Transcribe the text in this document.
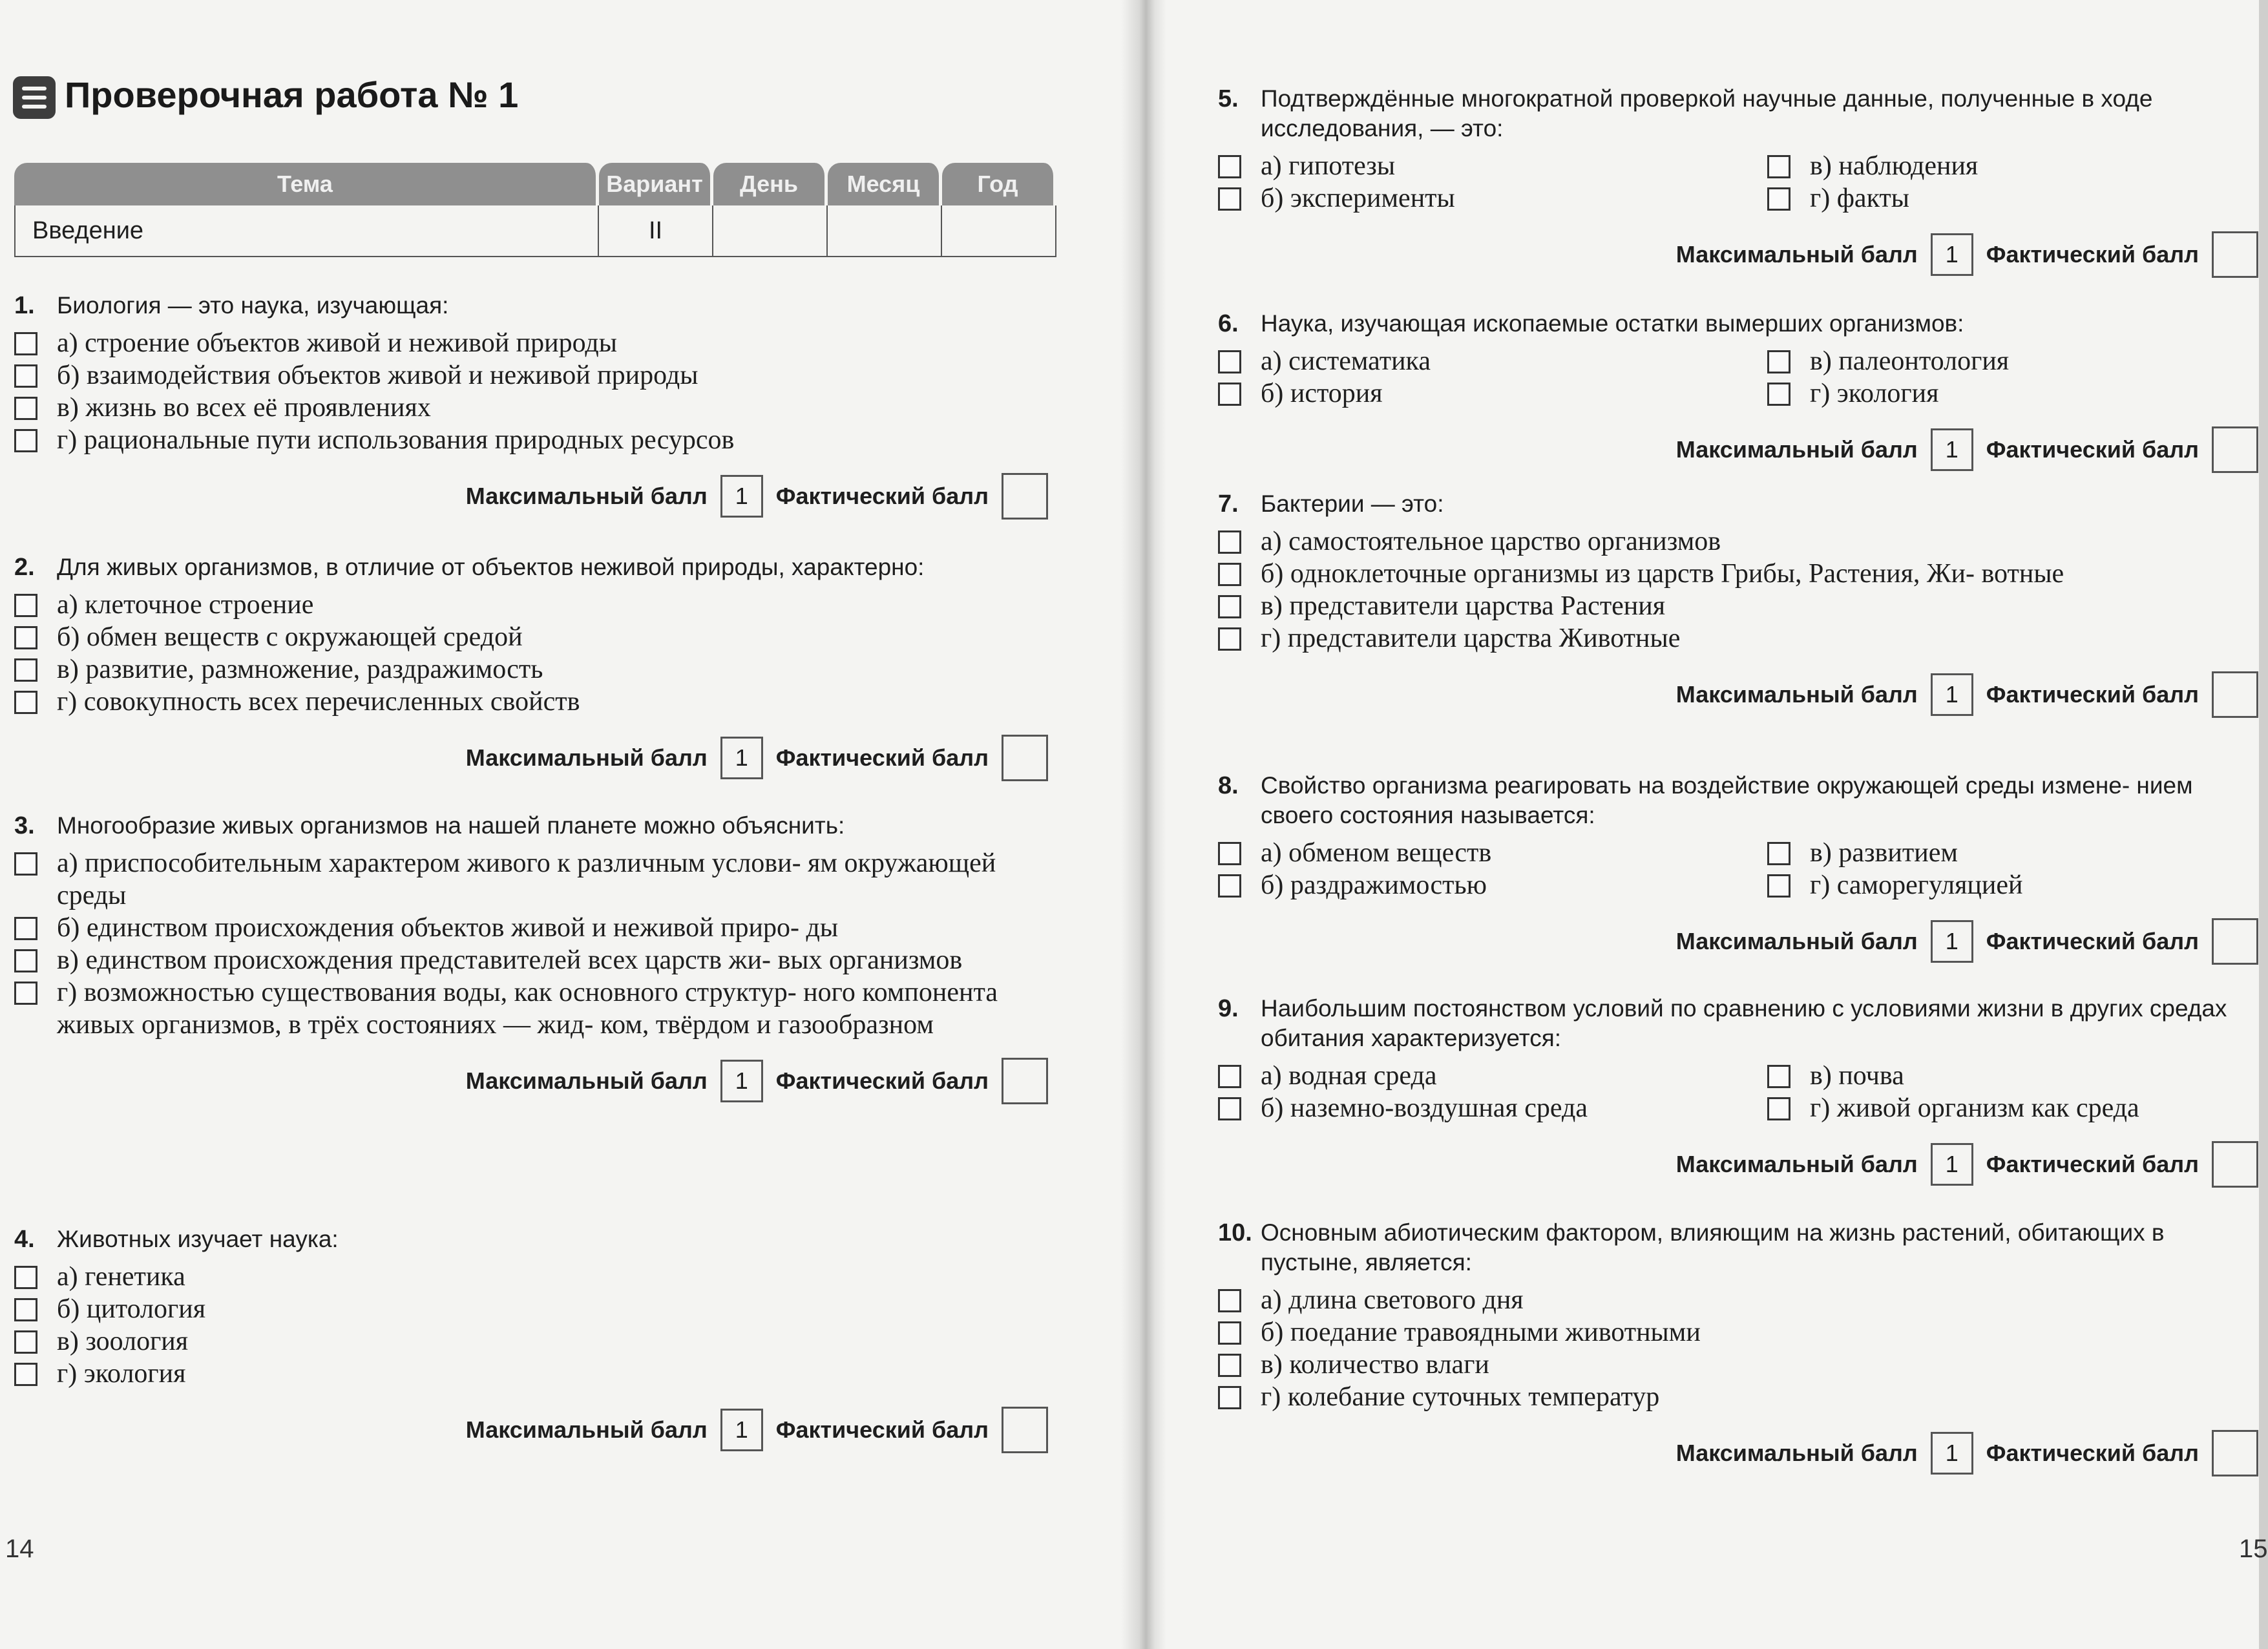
Проверочная работа № 1
Тема	Вариант	День	Месяц	Год
Введение	II			
1. Биология — это наука, изучающая:
а) строение объектов живой и неживой природы
б) взаимодействия объектов живой и неживой природы
в) жизнь во всех её проявлениях
г) рациональные пути использования природных ресурсов
Максимальный балл	1	Фактический балл
2. Для живых организмов, в отличие от объектов неживой природы, характерно:
а) клеточное строение
б) обмен веществ с окружающей средой
в) развитие, размножение, раздражимость
г) совокупность всех перечисленных свойств
Максимальный балл	1	Фактический балл
3. Многообразие живых организмов на нашей планете можно объяснить:
а) приспособительным характером живого к различным услови- ям окружающей среды
б) единством происхождения объектов живой и неживой приро- ды
в) единством происхождения представителей всех царств жи- вых организмов
г) возможностью существования воды, как основного структур- ного компонента живых организмов, в трёх состояниях — жид- ком, твёрдом и газообразном
Максимальный балл	1	Фактический балл
4. Животных изучает наука:
а) генетика
б) цитология
в) зоология
г) экология
Максимальный балл	1	Фактический балл
14
5. Подтверждённые многократной проверкой научные данные, полученные в ходе исследования, — это:
а) гипотезы	в) наблюдения
б) эксперименты	г) факты
Максимальный балл	1	Фактический балл
6. Наука, изучающая ископаемые остатки вымерших организмов:
а) систематика	в) палеонтология
б) история	г) экология
Максимальный балл	1	Фактический балл
7. Бактерии — это:
а) самостоятельное царство организмов
б) одноклеточные организмы из царств Грибы, Растения, Жи- вотные
в) представители царства Растения
г) представители царства Животные
Максимальный балл	1	Фактический балл
8. Свойство организма реагировать на воздействие окружающей среды измене- нием своего состояния называется:
а) обменом веществ	в) развитием
б) раздражимостью	г) саморегуляцией
Максимальный балл	1	Фактический балл
9. Наибольшим постоянством условий по сравнению с условиями жизни в других средах обитания характеризуется:
а) водная среда	в) почва
б) наземно-воздушная среда	г) живой организм как среда
Максимальный балл	1	Фактический балл
10. Основным абиотическим фактором, влияющим на жизнь растений, обитающих в пустыне, является:
а) длина светового дня
б) поедание травоядными животными
в) количество влаги
г) колебание суточных температур
Максимальный балл	1	Фактический балл
15
